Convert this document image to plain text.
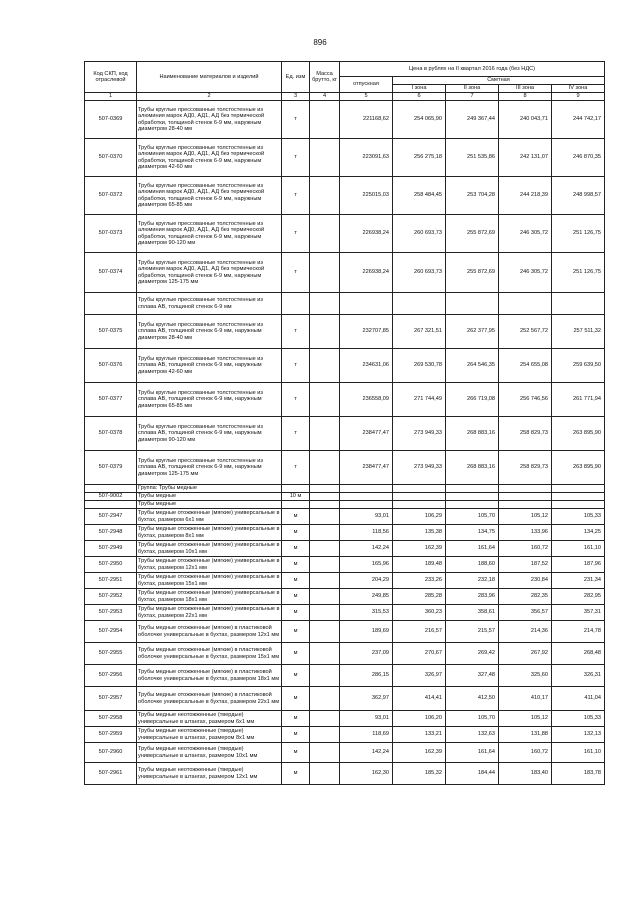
896
Код СКП, код отраслевой	Наименование материалов и изделий	Ед. изм	Масса брутто, кг	Цена в рублях на II квартал 2016 года (без НДС)				
				отпускная	Сметная			
					I зона	II зона	III зона	IV зона
1	2	3	4	5	6	7	8	9
507-0369	Трубы круглые прессованные толстостенные из алюминия марок АД0, АД1, АД без термической обработки, толщиной стенок 6-9 мм, наружным диаметром 28-40 мм	т		221168,62	254 065,90	249 367,44	240 043,71	244 742,17
507-0370	Трубы круглые прессованные толстостенные из алюминия марок АД0, АД1, АД без термической обработки, толщиной стенок 6-9 мм, наружным диаметром 42-60 мм	т		223091,63	256 275,18	251 535,86	242 131,07	246 870,35
507-0372	Трубы круглые прессованные толстостенные из алюминия марок АД0, АД1, АД без термической обработки, толщиной стенок 6-9 мм, наружным диаметром 65-85 мм	т		225015,03	258 484,45	253 704,28	244 218,39	248 998,57
507-0373	Трубы круглые прессованные толстостенные из алюминия марок АД0, АД1, АД без термической обработки, толщиной стенок 6-9 мм, наружным диаметром 90-120 мм	т		226938,24	260 693,73	255 872,69	246 305,72	251 126,75
507-0374	Трубы круглые прессованные толстостенные из алюминия марок АД0, АД1, АД без термической обработки, толщиной стенок 6-9 мм, наружным диаметром 125-175 мм	т		226938,24	260 693,73	255 872,69	246 305,72	251 126,75
	Трубы круглые прессованные толстостенные из сплава АВ, толщиной стенок 6-9 мм							
507-0375	Трубы круглые прессованные толстостенные из сплава АВ, толщиной стенок 6-9 мм, наружным диаметром 28-40 мм	т		232707,85	267 321,51	262 377,95	252 567,72	257 511,32
507-0376	Трубы круглые прессованные толстостенные из сплава АВ, толщиной стенок 6-9 мм, наружным диаметром 42-60 мм	т		234631,06	269 530,78	264 546,35	254 655,08	259 639,50
507-0377	Трубы круглые прессованные толстостенные из сплава АВ, толщиной стенок 6-9 мм, наружным диаметром 65-85 мм	т		236558,09	271 744,49	266 719,08	256 746,56	261 771,94
507-0378	Трубы круглые прессованные толстостенные из сплава АВ, толщиной стенок 6-9 мм, наружным диаметром 90-120 мм	т		238477,47	273 949,33	268 883,16	258 829,73	263 895,90
507-0379	Трубы круглые прессованные толстостенные из сплава АВ, толщиной стенок 6-9 мм, наружным диаметром 125-175 мм	т		238477,47	273 949,33	268 883,16	258 829,73	263 895,90
	Группа: Трубы медные							
507-9002	Трубы медные	10 м						
	Трубы медные							
507-2947	Трубы медные отожженные (мягкие) универсальные в бухтах, размером 6x1 мм	м		93,01	106,29	105,70	105,12	105,33
507-2948	Трубы медные отожженные (мягкие) универсальные в бухтах, размером 8x1 мм	м		118,56	135,38	134,75	133,96	134,25
507-2949	Трубы медные отожженные (мягкие) универсальные в бухтах, размером 10x1 мм	м		142,24	162,39	161,64	160,72	161,10
507-2950	Трубы медные отожженные (мягкие) универсальные в бухтах, размером 12x1 мм	м		165,96	189,48	188,60	187,52	187,96
507-2951	Трубы медные отожженные (мягкие) универсальные в бухтах, размером 15x1 мм	м		204,29	233,26	232,18	230,84	231,34
507-2952	Трубы медные отожженные (мягкие) универсальные в бухтах, размером 18x1 мм	м		249,85	285,28	283,96	282,35	282,95
507-2953	Трубы медные отожженные (мягкие) универсальные в бухтах, размером 22x1 мм	м		315,53	360,23	358,61	356,57	357,31
507-2954	Трубы медные отожженные (мягкие) в пластиковой оболочке универсальные в бухтах, размером 12x1 мм	м		189,69	216,57	215,57	214,36	214,78
507-2955	Трубы медные отожженные (мягкие) в пластиковой оболочке универсальные в бухтах, размером 15x1 мм	м		237,09	270,67	269,42	267,92	268,48
507-2956	Трубы медные отожженные (мягкие) в пластиковой оболочке универсальные в бухтах, размером 18x1 мм	м		286,15	326,97	327,48	325,60	326,31
507-2957	Трубы медные отожженные (мягкие) в пластиковой оболочке универсальные в бухтах, размером 22x1 мм	м		362,97	414,41	412,50	410,17	411,04
507-2958	Трубы медные неотожженные (твердые) универсальные в штангах, размером 6x1 мм	м		93,01	106,20	105,70	105,12	105,33
507-2959	Трубы медные неотожженные (твердые) универсальные в штангах, размером 8x1 мм	м		118,69	133,21	132,63	131,88	132,13
507-2960	Трубы медные неотожженные (твердые) универсальные в штангах, размером 10x1 мм	м		142,24	162,39	161,64	160,72	161,10
507-2961	Трубы медные неотожженные (твердые) универсальные в штангах, размером 12x1 мм	м		162,30	185,32	184,44	183,40	183,78
